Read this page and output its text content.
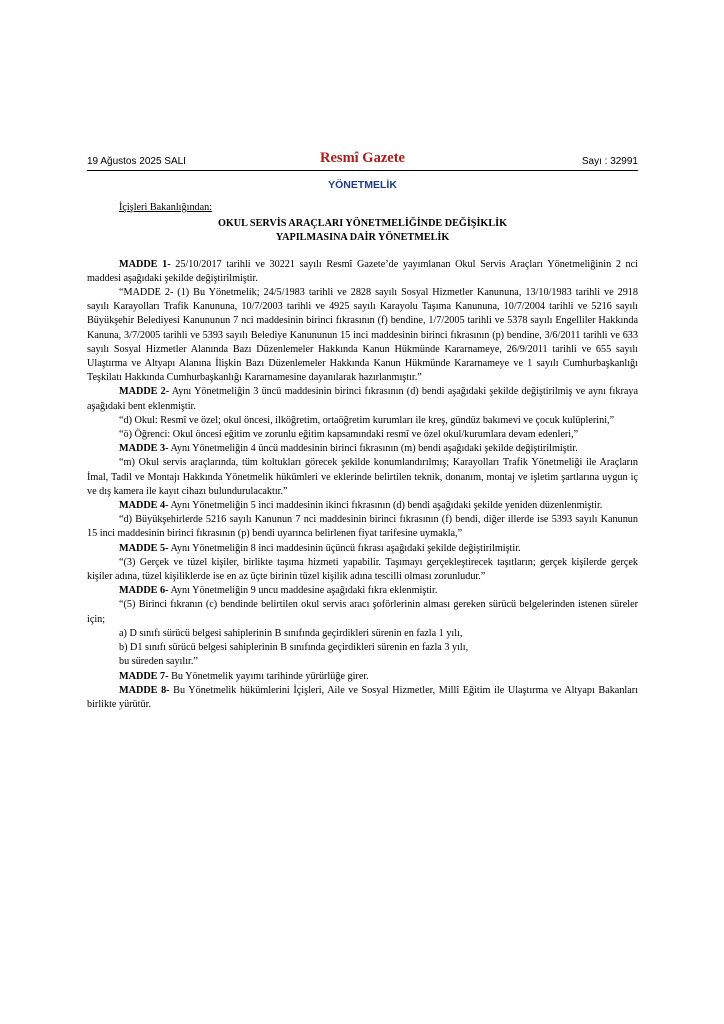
19 Ağustos 2025 SALI	Resmî Gazete	Sayı : 32991
YÖNETMELİK

İçişleri Bakanlığından:

OKUL SERVİS ARAÇLARI YÖNETMELİĞİNDE DEĞİŞİKLİK

YAPILMASINA DAİR YÖNETMELİK

MADDE 1- 25/10/2017 tarihli ve 30221 sayılı Resmî Gazete’de yayımlanan Okul Servis Araçları Yönetmeliğinin 2 nci maddesi aşağıdaki şekilde değiştirilmiştir.

“MADDE 2- (1) Bu Yönetmelik; 24/5/1983 tarihli ve 2828 sayılı Sosyal Hizmetler Kanununa, 13/10/1983 tarihli ve 2918 sayılı Karayolları Trafik Kanununa, 10/7/2003 tarihli ve 4925 sayılı Karayolu Taşıma Kanununa, 10/7/2004 tarihli ve 5216 sayılı Büyükşehir Belediyesi Kanununun 7 nci maddesinin birinci fıkrasının (f) bendine, 1/7/2005 tarihli ve 5378 sayılı Engelliler Hakkında Kanuna, 3/7/2005 tarihli ve 5393 sayılı Belediye Kanununun 15 inci maddesinin birinci fıkrasının (p) bendine, 3/6/2011 tarihli ve 633 sayılı Sosyal Hizmetler Alanında Bazı Düzenlemeler Hakkında Kanun Hükmünde Kararnameye, 26/9/2011 tarihli ve 655 sayılı Ulaştırma ve Altyapı Alanına İlişkin Bazı Düzenlemeler Hakkında Kanun Hükmünde Kararnameye ve 1 sayılı Cumhurbaşkanlığı Teşkilatı Hakkında Cumhurbaşkanlığı Kararnamesine dayanılarak hazırlanmıştır.”

MADDE 2- Aynı Yönetmeliğin 3 üncü maddesinin birinci fıkrasının (d) bendi aşağıdaki şekilde değiştirilmiş ve aynı fıkraya aşağıdaki bent eklenmiştir.

“d) Okul: Resmî ve özel; okul öncesi, ilköğretim, ortaöğretim kurumları ile kreş, gündüz bakımevi ve çocuk kulüplerini,”

“ö) Öğrenci: Okul öncesi eğitim ve zorunlu eğitim kapsamındaki resmî ve özel okul/kurumlara devam edenleri,”

MADDE 3- Aynı Yönetmeliğin 4 üncü maddesinin birinci fıkrasının (m) bendi aşağıdaki şekilde değiştirilmiştir.

“m) Okul servis araçlarında, tüm koltukları görecek şekilde konumlandırılmış; Karayolları Trafik Yönetmeliği ile Araçların İmal, Tadil ve Montajı Hakkında Yönetmelik hükümleri ve eklerinde belirtilen teknik, donanım, montaj ve işletim şartlarına uygun iç ve dış kamera ile kayıt cihazı bulundurulacaktır.”

MADDE 4- Aynı Yönetmeliğin 5 inci maddesinin ikinci fıkrasının (d) bendi aşağıdaki şekilde yeniden düzenlenmiştir.

“d) Büyükşehirlerde 5216 sayılı Kanunun 7 nci maddesinin birinci fıkrasının (f) bendi, diğer illerde ise 5393 sayılı Kanunun 15 inci maddesinin birinci fıkrasının (p) bendi uyarınca belirlenen fiyat tarifesine uymakla,”

MADDE 5- Aynı Yönetmeliğin 8 inci maddesinin üçüncü fıkrası aşağıdaki şekilde değiştirilmiştir.

“(3) Gerçek ve tüzel kişiler, birlikte taşıma hizmeti yapabilir. Taşımayı gerçekleştirecek taşıtların; gerçek kişilerde gerçek kişiler adına, tüzel kişiliklerde ise en az üçte birinin tüzel kişilik adına tescilli olması zorunludur.”

MADDE 6- Aynı Yönetmeliğin 9 uncu maddesine aşağıdaki fıkra eklenmiştir.

“(5) Birinci fıkranın (c) bendinde belirtilen okul servis aracı şoförlerinin alması gereken sürücü belgelerinden istenen süreler için;

a) D sınıfı sürücü belgesi sahiplerinin B sınıfında geçirdikleri sürenin en fazla 1 yılı,

b) D1 sınıfı sürücü belgesi sahiplerinin B sınıfında geçirdikleri sürenin en fazla 3 yılı,

bu süreden sayılır.”

MADDE 7- Bu Yönetmelik yayımı tarihinde yürürlüğe girer.

MADDE 8- Bu Yönetmelik hükümlerini İçişleri, Aile ve Sosyal Hizmetler, Millî Eğitim ile Ulaştırma ve Altyapı Bakanları birlikte yürütür.
